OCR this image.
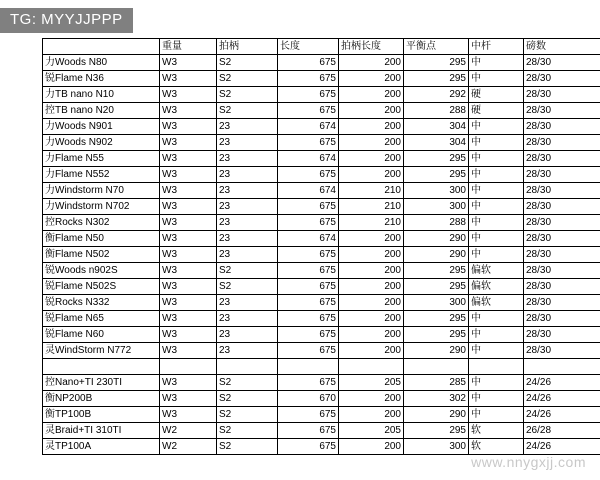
TG: MYYJJPPP
	重量	拍柄	长度	拍柄长度	平衡点	中杆	磅数
力Woods N80	W3	S2	675	200	295	中	28/30
锐Flame N36	W3	S2	675	200	295	中	28/30
力TB nano N10	W3	S2	675	200	292	硬	28/30
控TB nano N20	W3	S2	675	200	288	硬	28/30
力Woods N901	W3	23	674	200	304	中	28/30
力Woods N902	W3	23	675	200	304	中	28/30
力Flame N55	W3	23	674	200	295	中	28/30
力Flame N552	W3	23	675	200	295	中	28/30
力Windstorm N70	W3	23	674	210	300	中	28/30
力Windstorm N702	W3	23	675	210	300	中	28/30
控Rocks N302	W3	23	675	210	288	中	28/30
衡Flame N50	W3	23	674	200	290	中	28/30
衡Flame N502	W3	23	675	200	290	中	28/30
锐Woods n902S	W3	S2	675	200	295	偏软	28/30
锐Flame N502S	W3	S2	675	200	295	偏软	28/30
锐Rocks N332	W3	23	675	200	300	偏软	28/30
锐Flame N65	W3	23	675	200	295	中	28/30
锐Flame N60	W3	23	675	200	295	中	28/30
灵WindStorm N772	W3	23	675	200	290	中	28/30

控Nano+TI 230TI	W3	S2	675	205	285	中	24/26
衡NP200B	W3	S2	670	200	302	中	24/26
衡TP100B	W3	S2	675	200	290	中	24/26
灵Braid+TI 310TI	W2	S2	675	205	295	软	26/28
灵TP100A	W2	S2	675	200	300	软	24/26
www.nnygxjj.com
